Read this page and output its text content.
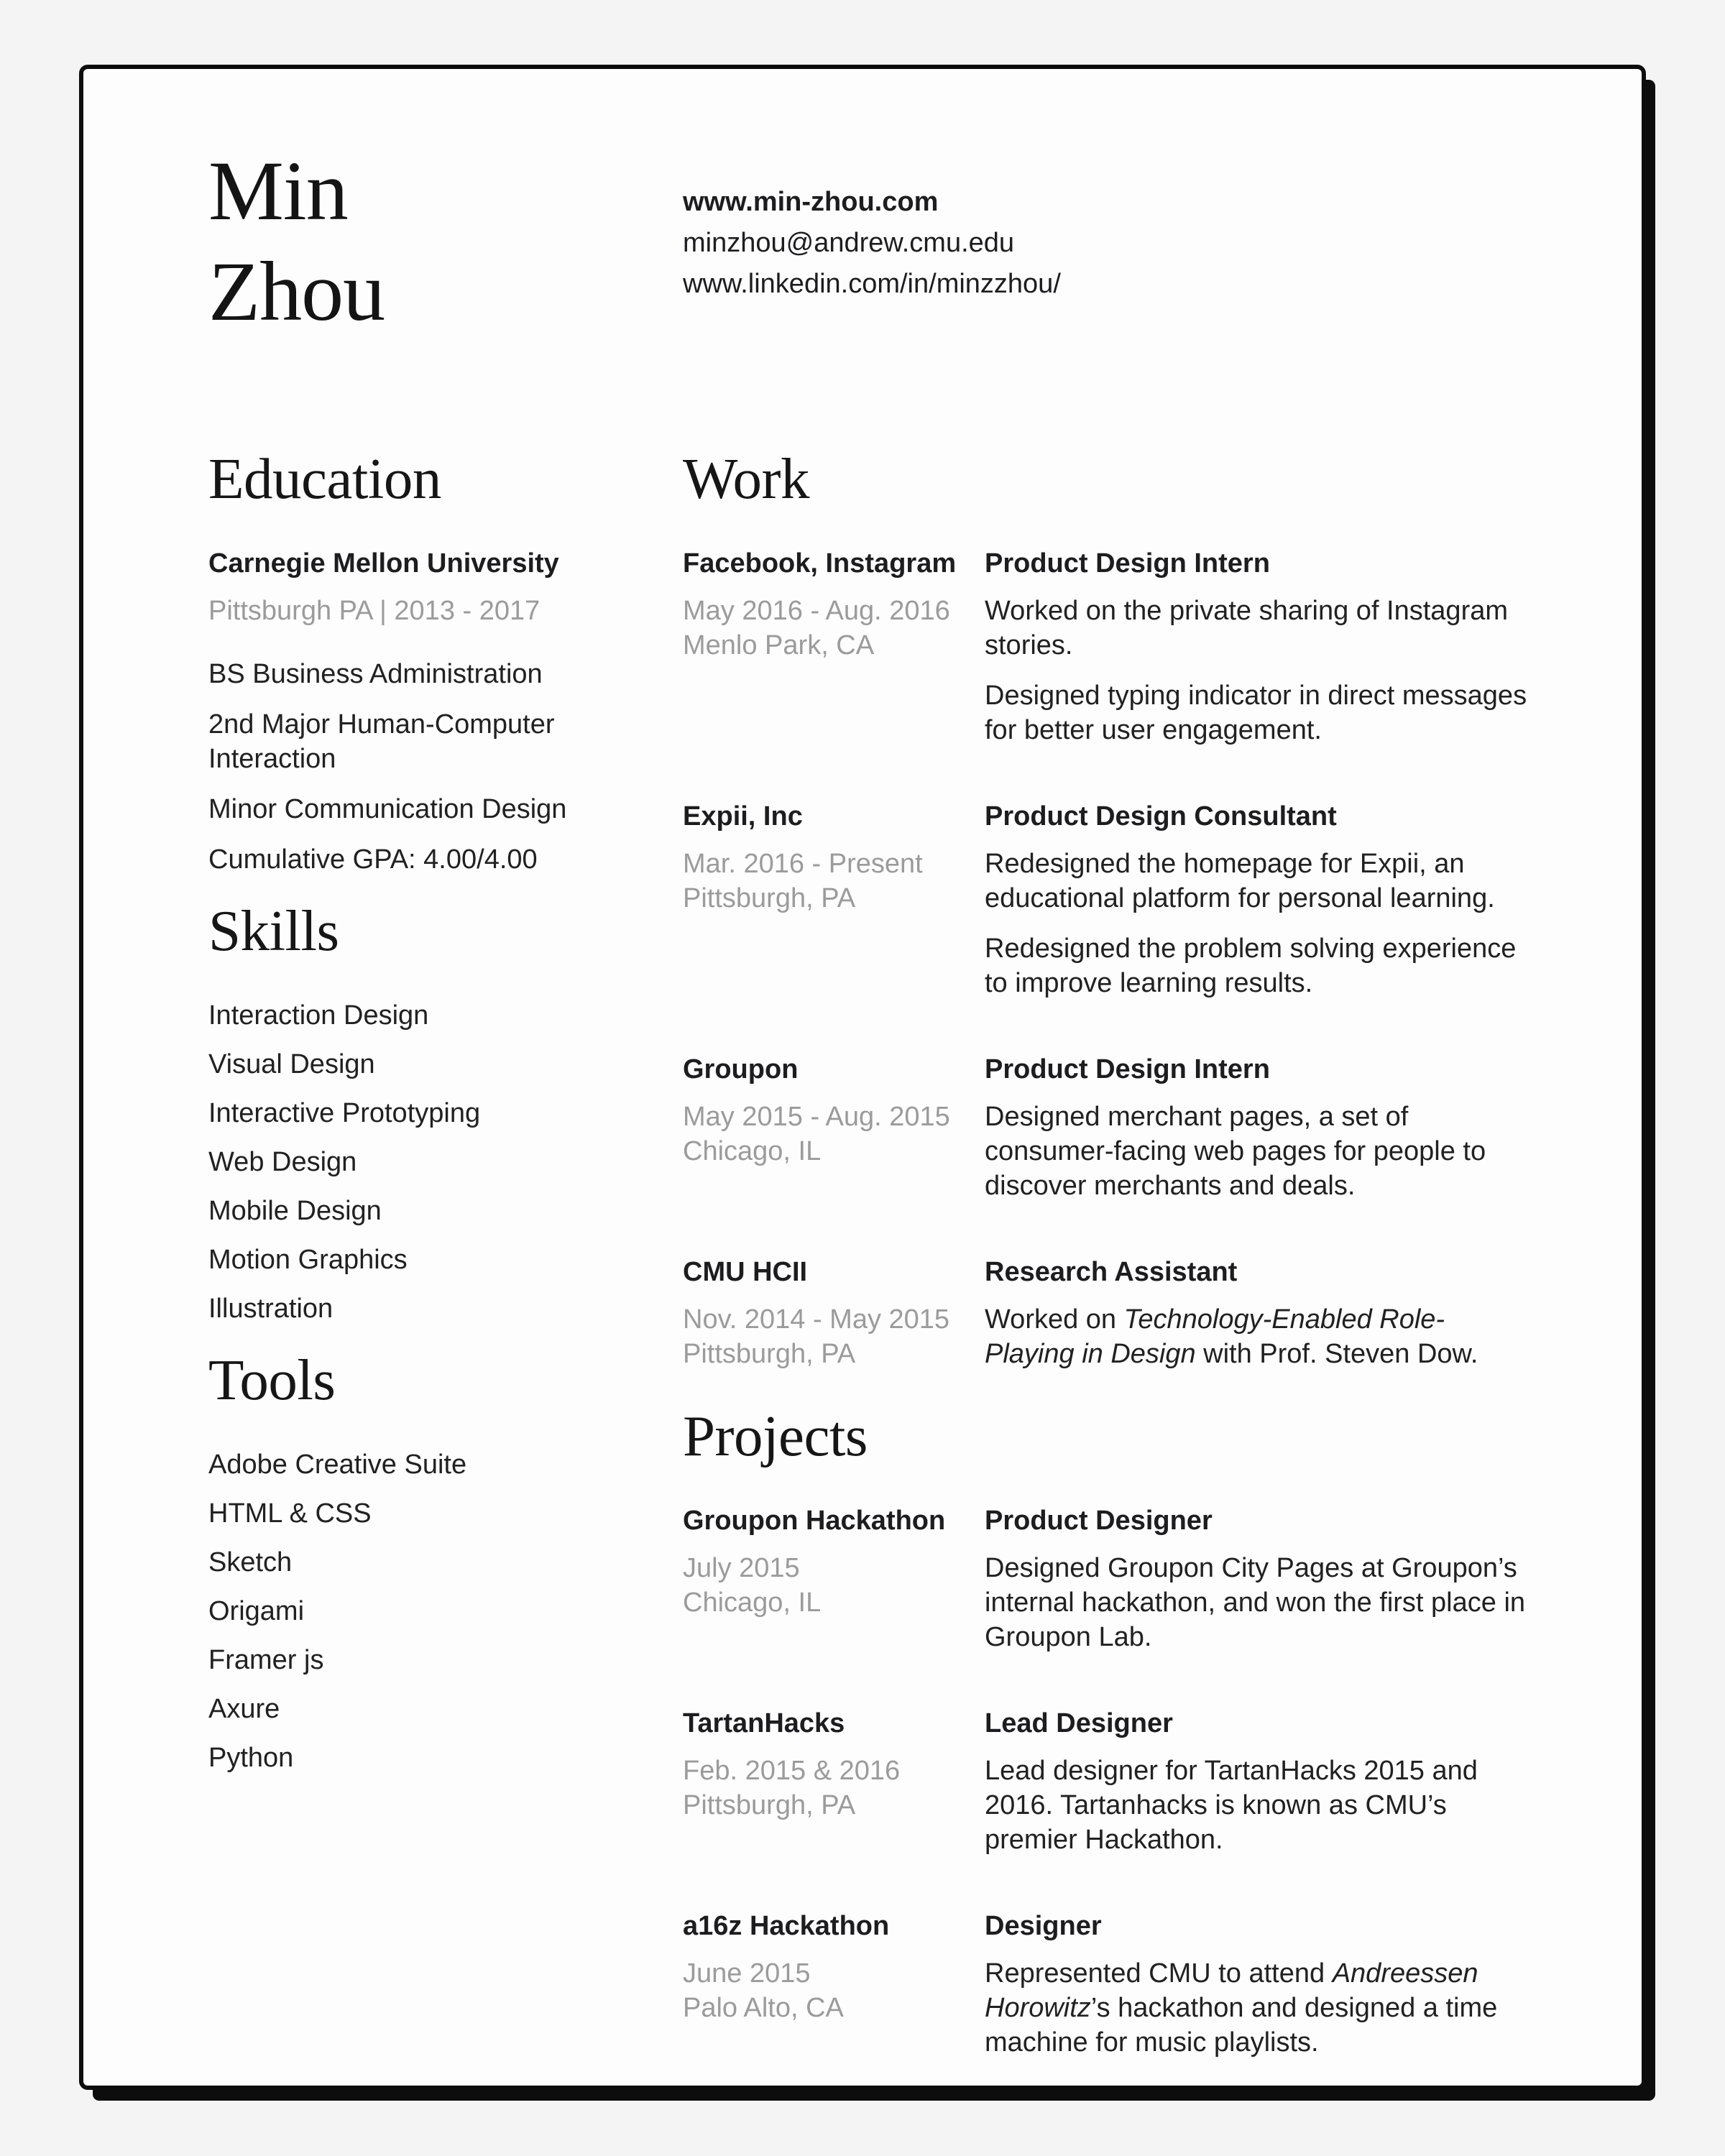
Min
Zhou
www.min-zhou.com
minzhou@andrew.cmu.edu
www.linkedin.com/in/minzzhou/
Education
Carnegie Mellon University
Pittsburgh PA | 2013 - 2017
BS Business Administration
2nd Major Human-Computer Interaction
Minor Communication Design
Cumulative GPA: 4.00/4.00
Skills
Interaction Design
Visual Design
Interactive Prototyping
Web Design
Mobile Design
Motion Graphics
Illustration
Tools
Adobe Creative Suite
HTML & CSS
Sketch
Origami
Framer js
Axure
Python
Work
Facebook, Instagram
May 2016 - Aug. 2016
Menlo Park, CA
Product Design Intern
Worked on the private sharing of Instagram stories.
Designed typing indicator in direct messages for better user engagement.
Expii, Inc
Mar. 2016 - Present
Pittsburgh, PA
Product Design Consultant
Redesigned the homepage for Expii, an educational platform for personal learning.
Redesigned the problem solving experience to improve learning results.
Groupon
May 2015 - Aug. 2015
Chicago, IL
Product Design Intern
Designed merchant pages, a set of consumer-facing web pages for people to discover merchants and deals.
CMU HCII
Nov. 2014 - May 2015
Pittsburgh, PA
Research Assistant
Worked on Technology-Enabled Role-Playing in Design with Prof. Steven Dow.
Projects
Groupon Hackathon
July 2015
Chicago, IL
Product Designer
Designed Groupon City Pages at Groupon’s internal hackathon, and won the first place in Groupon Lab.
TartanHacks
Feb. 2015 & 2016
Pittsburgh, PA
Lead Designer
Lead designer for TartanHacks 2015 and 2016. Tartanhacks is known as CMU’s premier Hackathon.
a16z Hackathon
June 2015
Palo Alto, CA
Designer
Represented CMU to attend Andreessen Horowitz’s hackathon and designed a time machine for music playlists.
